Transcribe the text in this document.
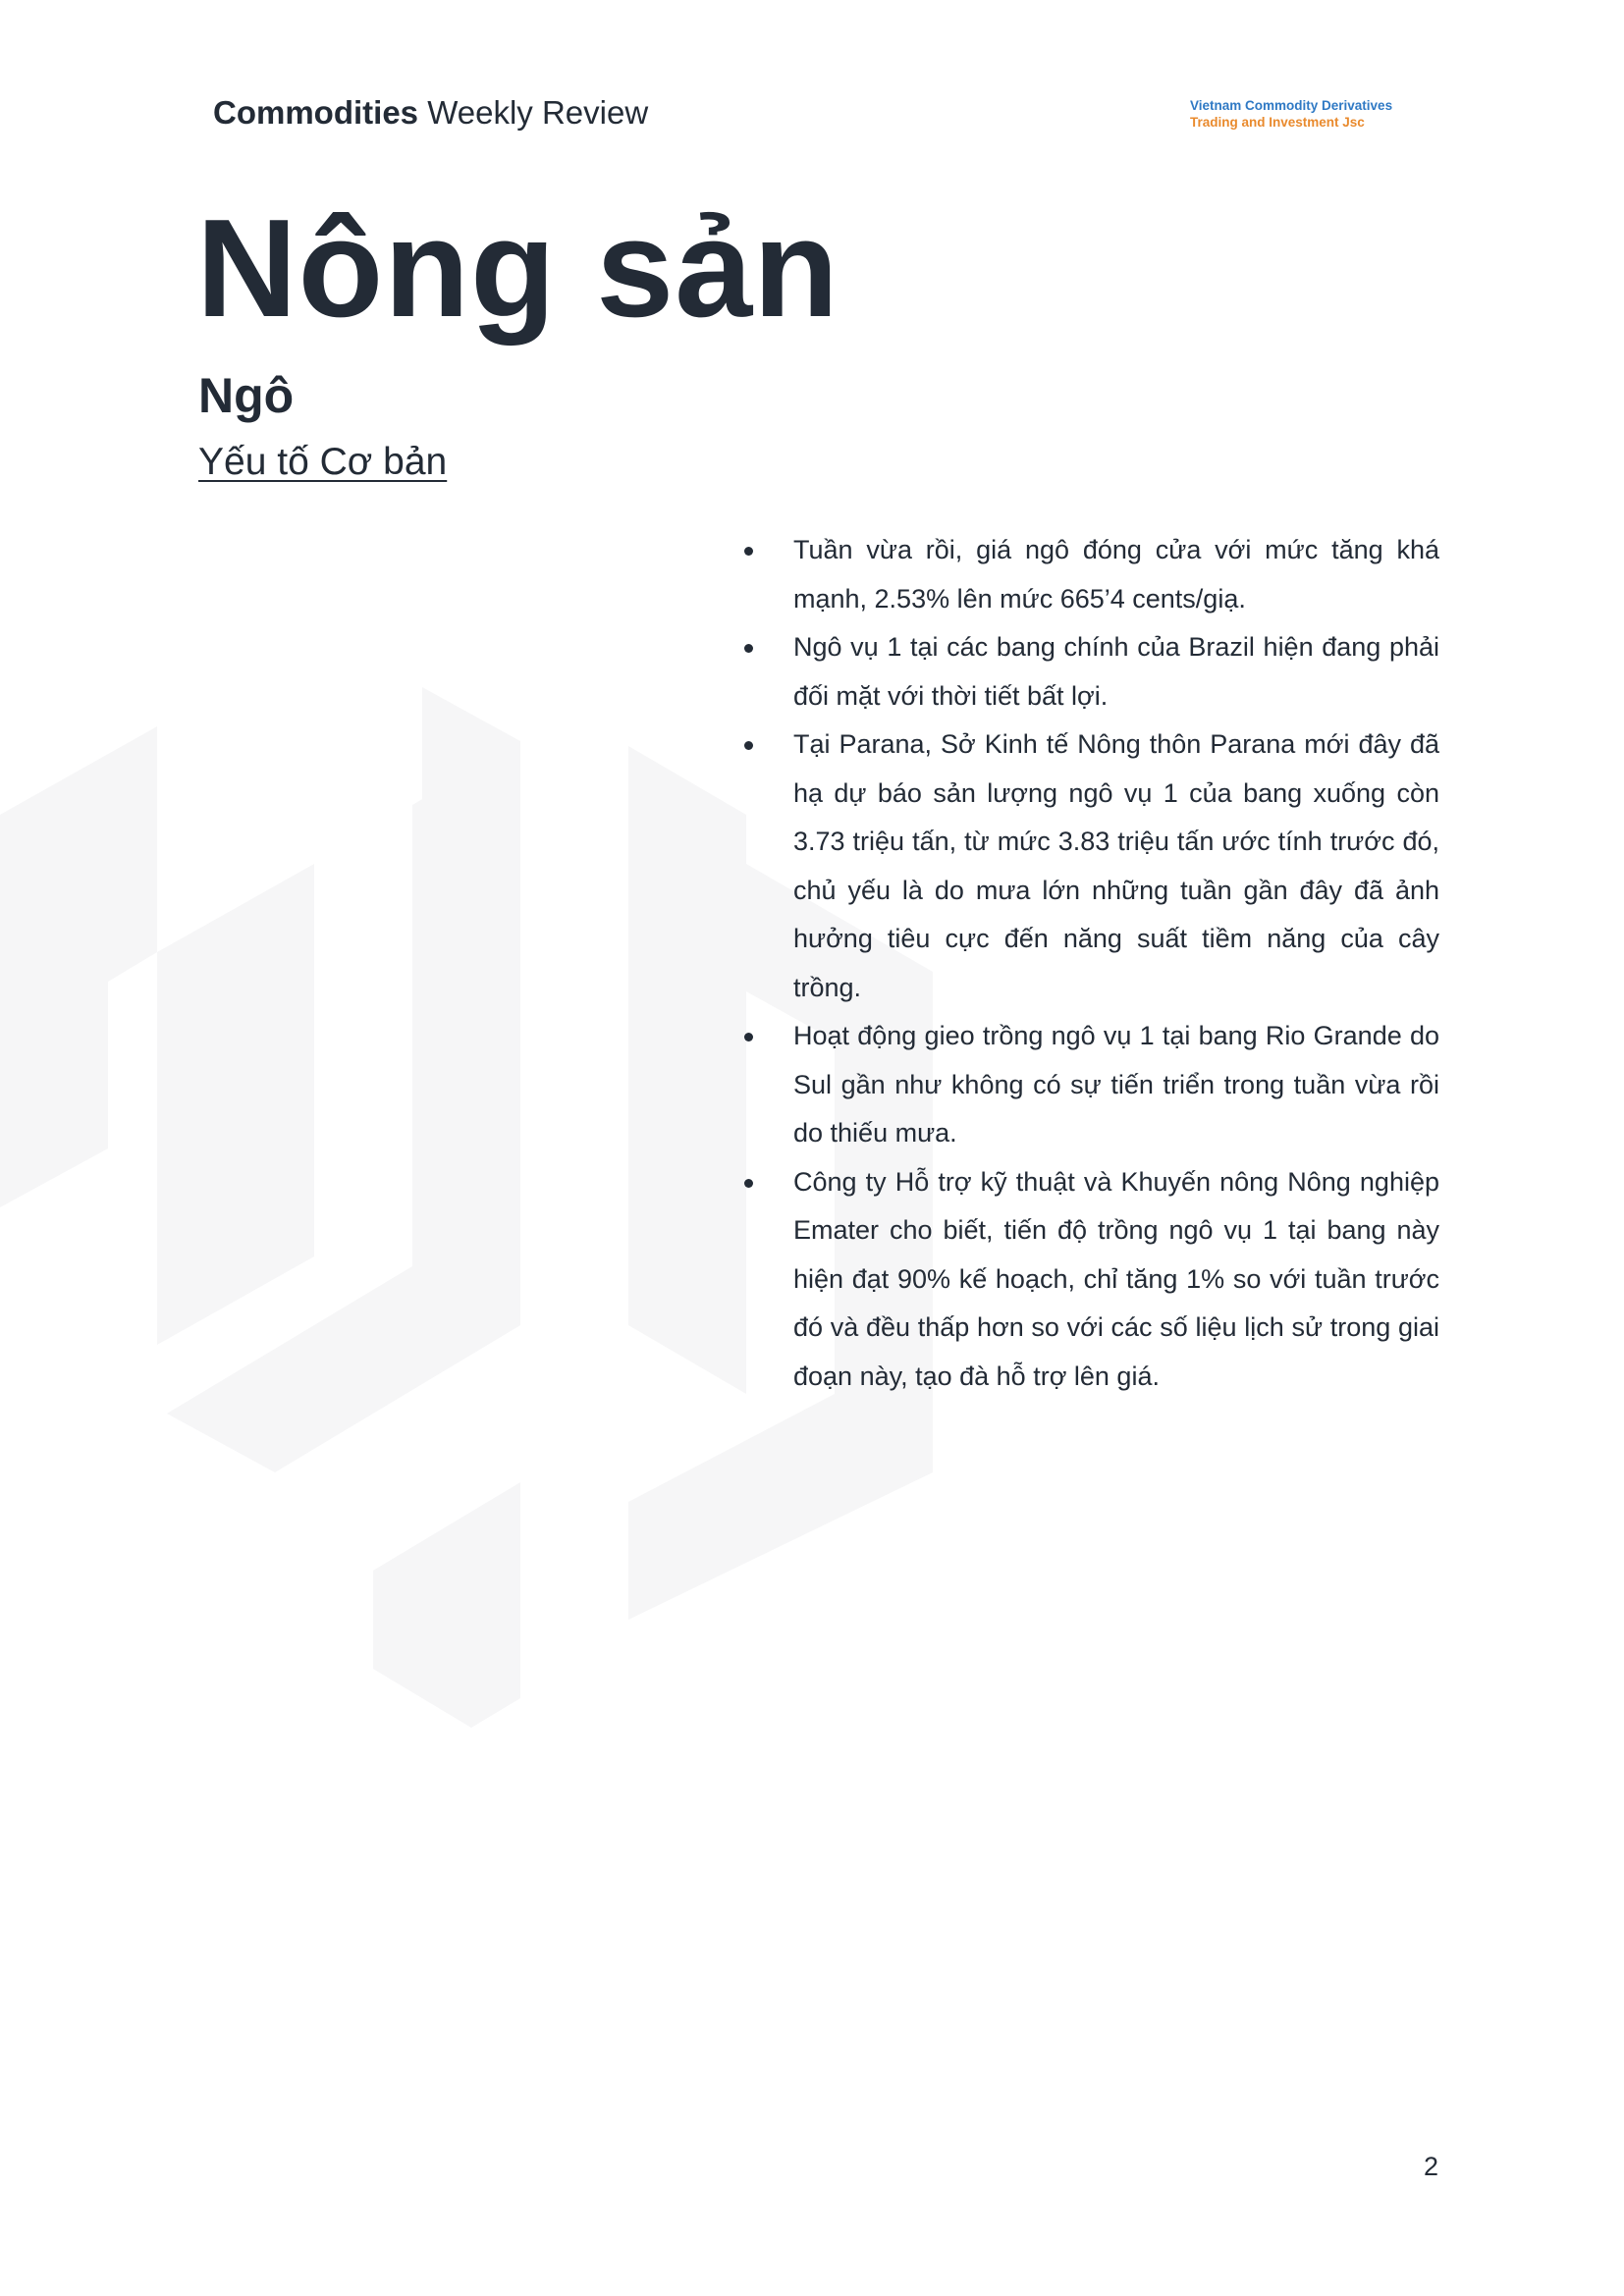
Commodities Weekly Review	Vietnam Commodity Derivatives
Trading and Investment Jsc
Nông sản
Ngô
Yếu tố Cơ bản
Tuần vừa rồi, giá ngô đóng cửa với mức tăng khá mạnh, 2.53% lên mức 665’4 cents/giạ.
Ngô vụ 1 tại các bang chính của Brazil hiện đang phải đối mặt với thời tiết bất lợi.
Tại Parana, Sở Kinh tế Nông thôn Parana mới đây đã hạ dự báo sản lượng ngô vụ 1 của bang xuống còn 3.73 triệu tấn, từ mức 3.83 triệu tấn ước tính trước đó, chủ yếu là do mưa lớn những tuần gần đây đã ảnh hưởng tiêu cực đến năng suất tiềm năng của cây trồng.
Hoạt động gieo trồng ngô vụ 1 tại bang Rio Grande do Sul gần như không có sự tiến triển trong tuần vừa rồi do thiếu mưa.
Công ty Hỗ trợ kỹ thuật và Khuyến nông Nông nghiệp Emater cho biết, tiến độ trồng ngô vụ 1 tại bang này hiện đạt 90% kế hoạch, chỉ tăng 1% so với tuần trước đó và đều thấp hơn so với các số liệu lịch sử trong giai đoạn này, tạo đà hỗ trợ lên giá.
2
